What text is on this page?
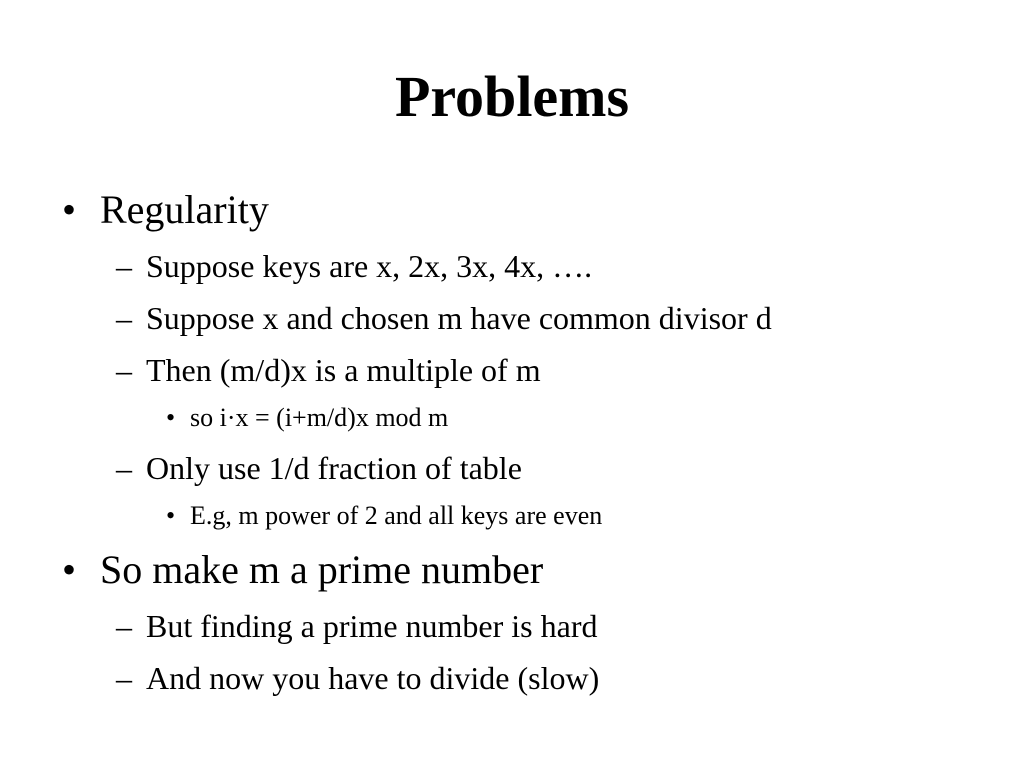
Problems
• Regularity
– Suppose keys are x, 2x, 3x, 4x, ….
– Suppose x and chosen m have common divisor d
– Then (m/d)x is a multiple of m
• so i·x = (i+m/d)x mod m
– Only use 1/d fraction of table
• E.g, m power of 2 and all keys are even
• So make m a prime number
– But finding a prime number is hard
– And now you have to divide (slow)
